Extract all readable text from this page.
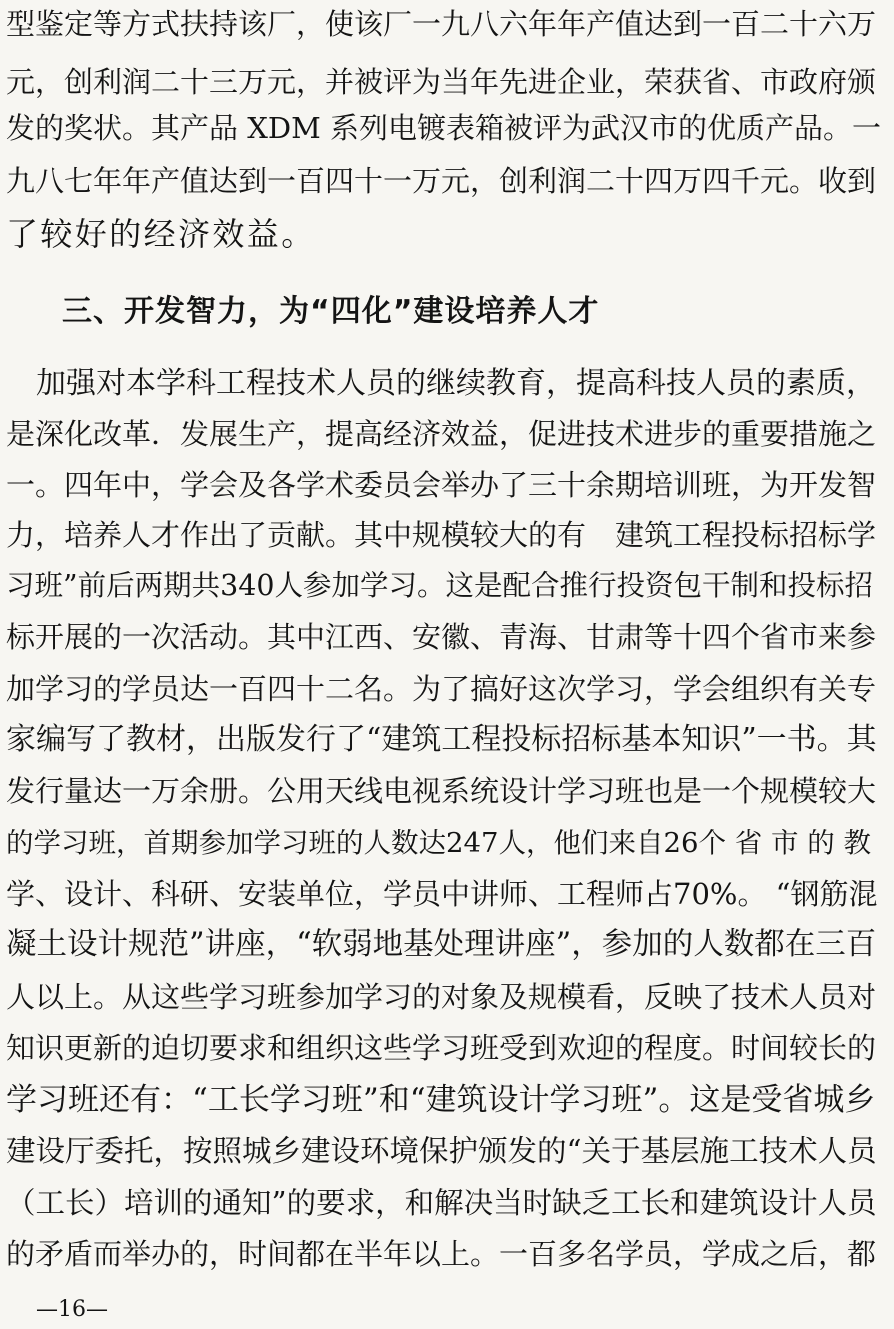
型鉴定等方式扶持该厂，使该厂一九八六年年产值达到一百二十六万
元，创利润二十三万元，并被评为当年先进企业，荣获省、市政府颁
发的奖状。其产品 XDM 系列电镀表箱被评为武汉市的优质产品。一
九八七年年产值达到一百四十一万元，创利润二十四万四千元。收到
了较好的经济效益。
三、开发智力，为“四化”建设培养人才
　加强对本学科工程技术人员的继续教育，提高科技人员的素质，
是深化改革．发展生产，提高经济效益，促进技术进步的重要措施之
一。四年中，学会及各学术委员会举办了三十余期培训班，为开发智
力，培养人才作出了贡献。其中规模较大的有　建筑工程投标招标学
习班”前后两期共340人参加学习。这是配合推行投资包干制和投标招
标开展的一次活动。其中江西、安徽、青海、甘肃等十四个省市来参
加学习的学员达一百四十二名。为了搞好这次学习，学会组织有关专
家编写了教材，出版发行了“建筑工程投标招标基本知识”一书。其
发行量达一万余册。公用天线电视系统设计学习班也是一个规模较大
的学习班，首期参加学习班的人数达247人，他们来自26个 省 市 的 教
学、设计、科研、安装单位，学员中讲师、工程师占70%。 “钢筋混
凝土设计规范”讲座，“软弱地基处理讲座”，参加的人数都在三百
人以上。从这些学习班参加学习的对象及规模看，反映了技术人员对
知识更新的迫切要求和组织这些学习班受到欢迎的程度。时间较长的
学习班还有：“工长学习班”和“建筑设计学习班”。这是受省城乡
建设厅委托，按照城乡建设环境保护颁发的“关于基层施工技术人员
（工长）培训的通知”的要求，和解决当时缺乏工长和建筑设计人员
的矛盾而举办的，时间都在半年以上。一百多名学员，学成之后，都
—16—
